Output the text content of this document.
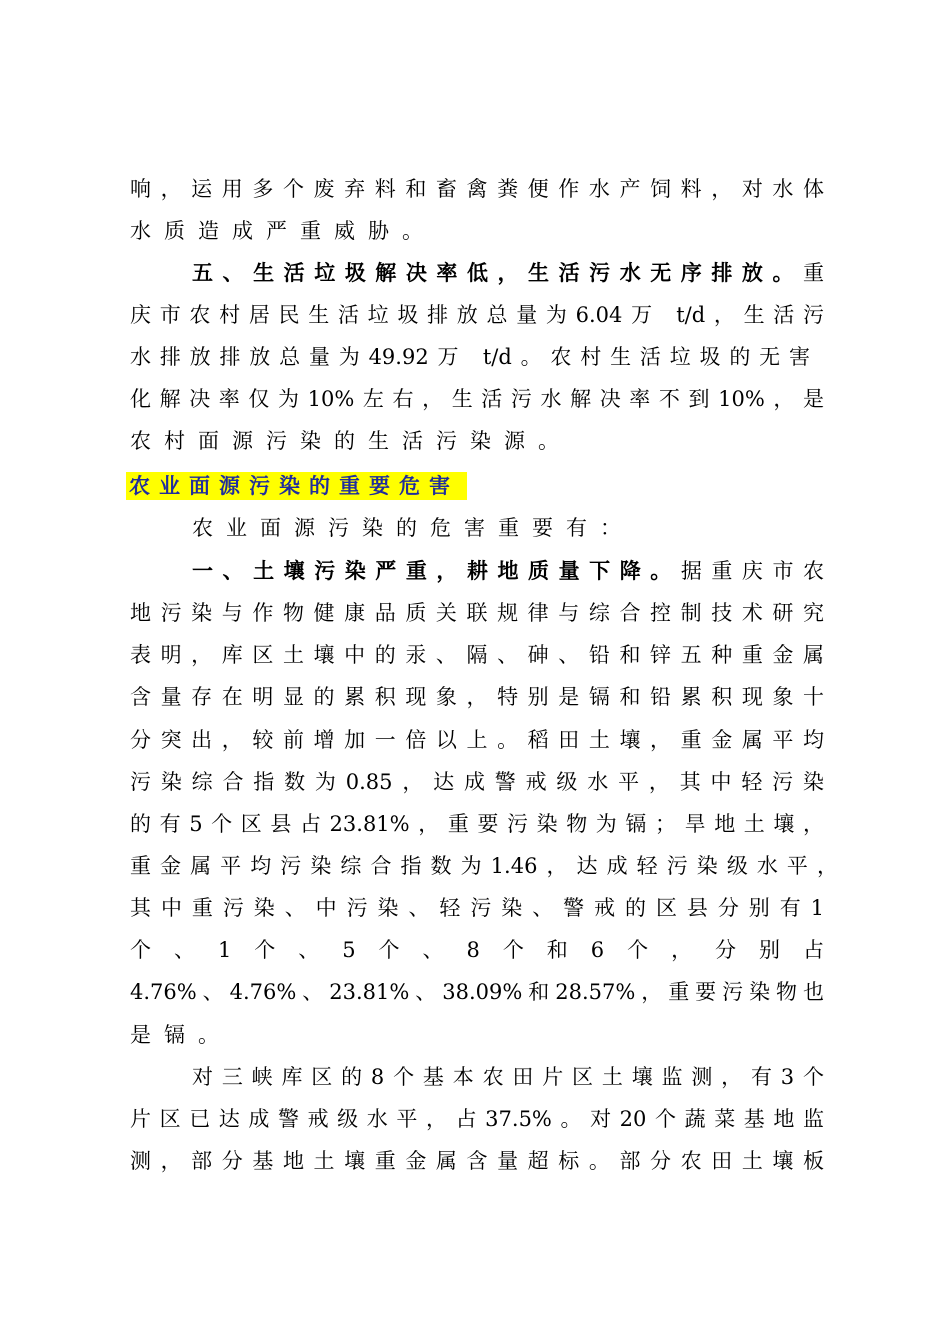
响，运用多个废弃料和畜禽粪便作水产饲料，对水体
水质造成严重威胁。
五、生活垃圾解决率低，生活污水无序排放。重
庆市农村居民生活垃圾排放总量为6.04万 t/d，生活污
水排放排放总量为49.92万 t/d。农村生活垃圾的无害
化解决率仅为10%左右，生活污水解决率不到10%，是
农村面源污染的生活污染源。
农业面源污染的重要危害
农业面源污染的危害重要有：
一、土壤污染严重，耕地质量下降。据重庆市农
地污染与作物健康品质关联规律与综合控制技术研究
表明，库区土壤中的汞、隔、砷、铅和锌五种重金属
含量存在明显的累积现象，特别是镉和铅累积现象十
分突出，较前增加一倍以上。稻田土壤，重金属平均
污染综合指数为0.85，达成警戒级水平，其中轻污染
的有5个区县占23.81%，重要污染物为镉；旱地土壤，
重金属平均污染综合指数为1.46，达成轻污染级水平，
其中重污染、中污染、轻污染、警戒的区县分别有1
个、1个、5个、8个和6个，分别占
4.76%、4.76%、23.81%、38.09%和28.57%，重要污染物也
是镉。
对三峡库区的8个基本农田片区土壤监测，有3个
片区已达成警戒级水平，占37.5%。对20个蔬菜基地监
测，部分基地土壤重金属含量超标。部分农田土壤板
